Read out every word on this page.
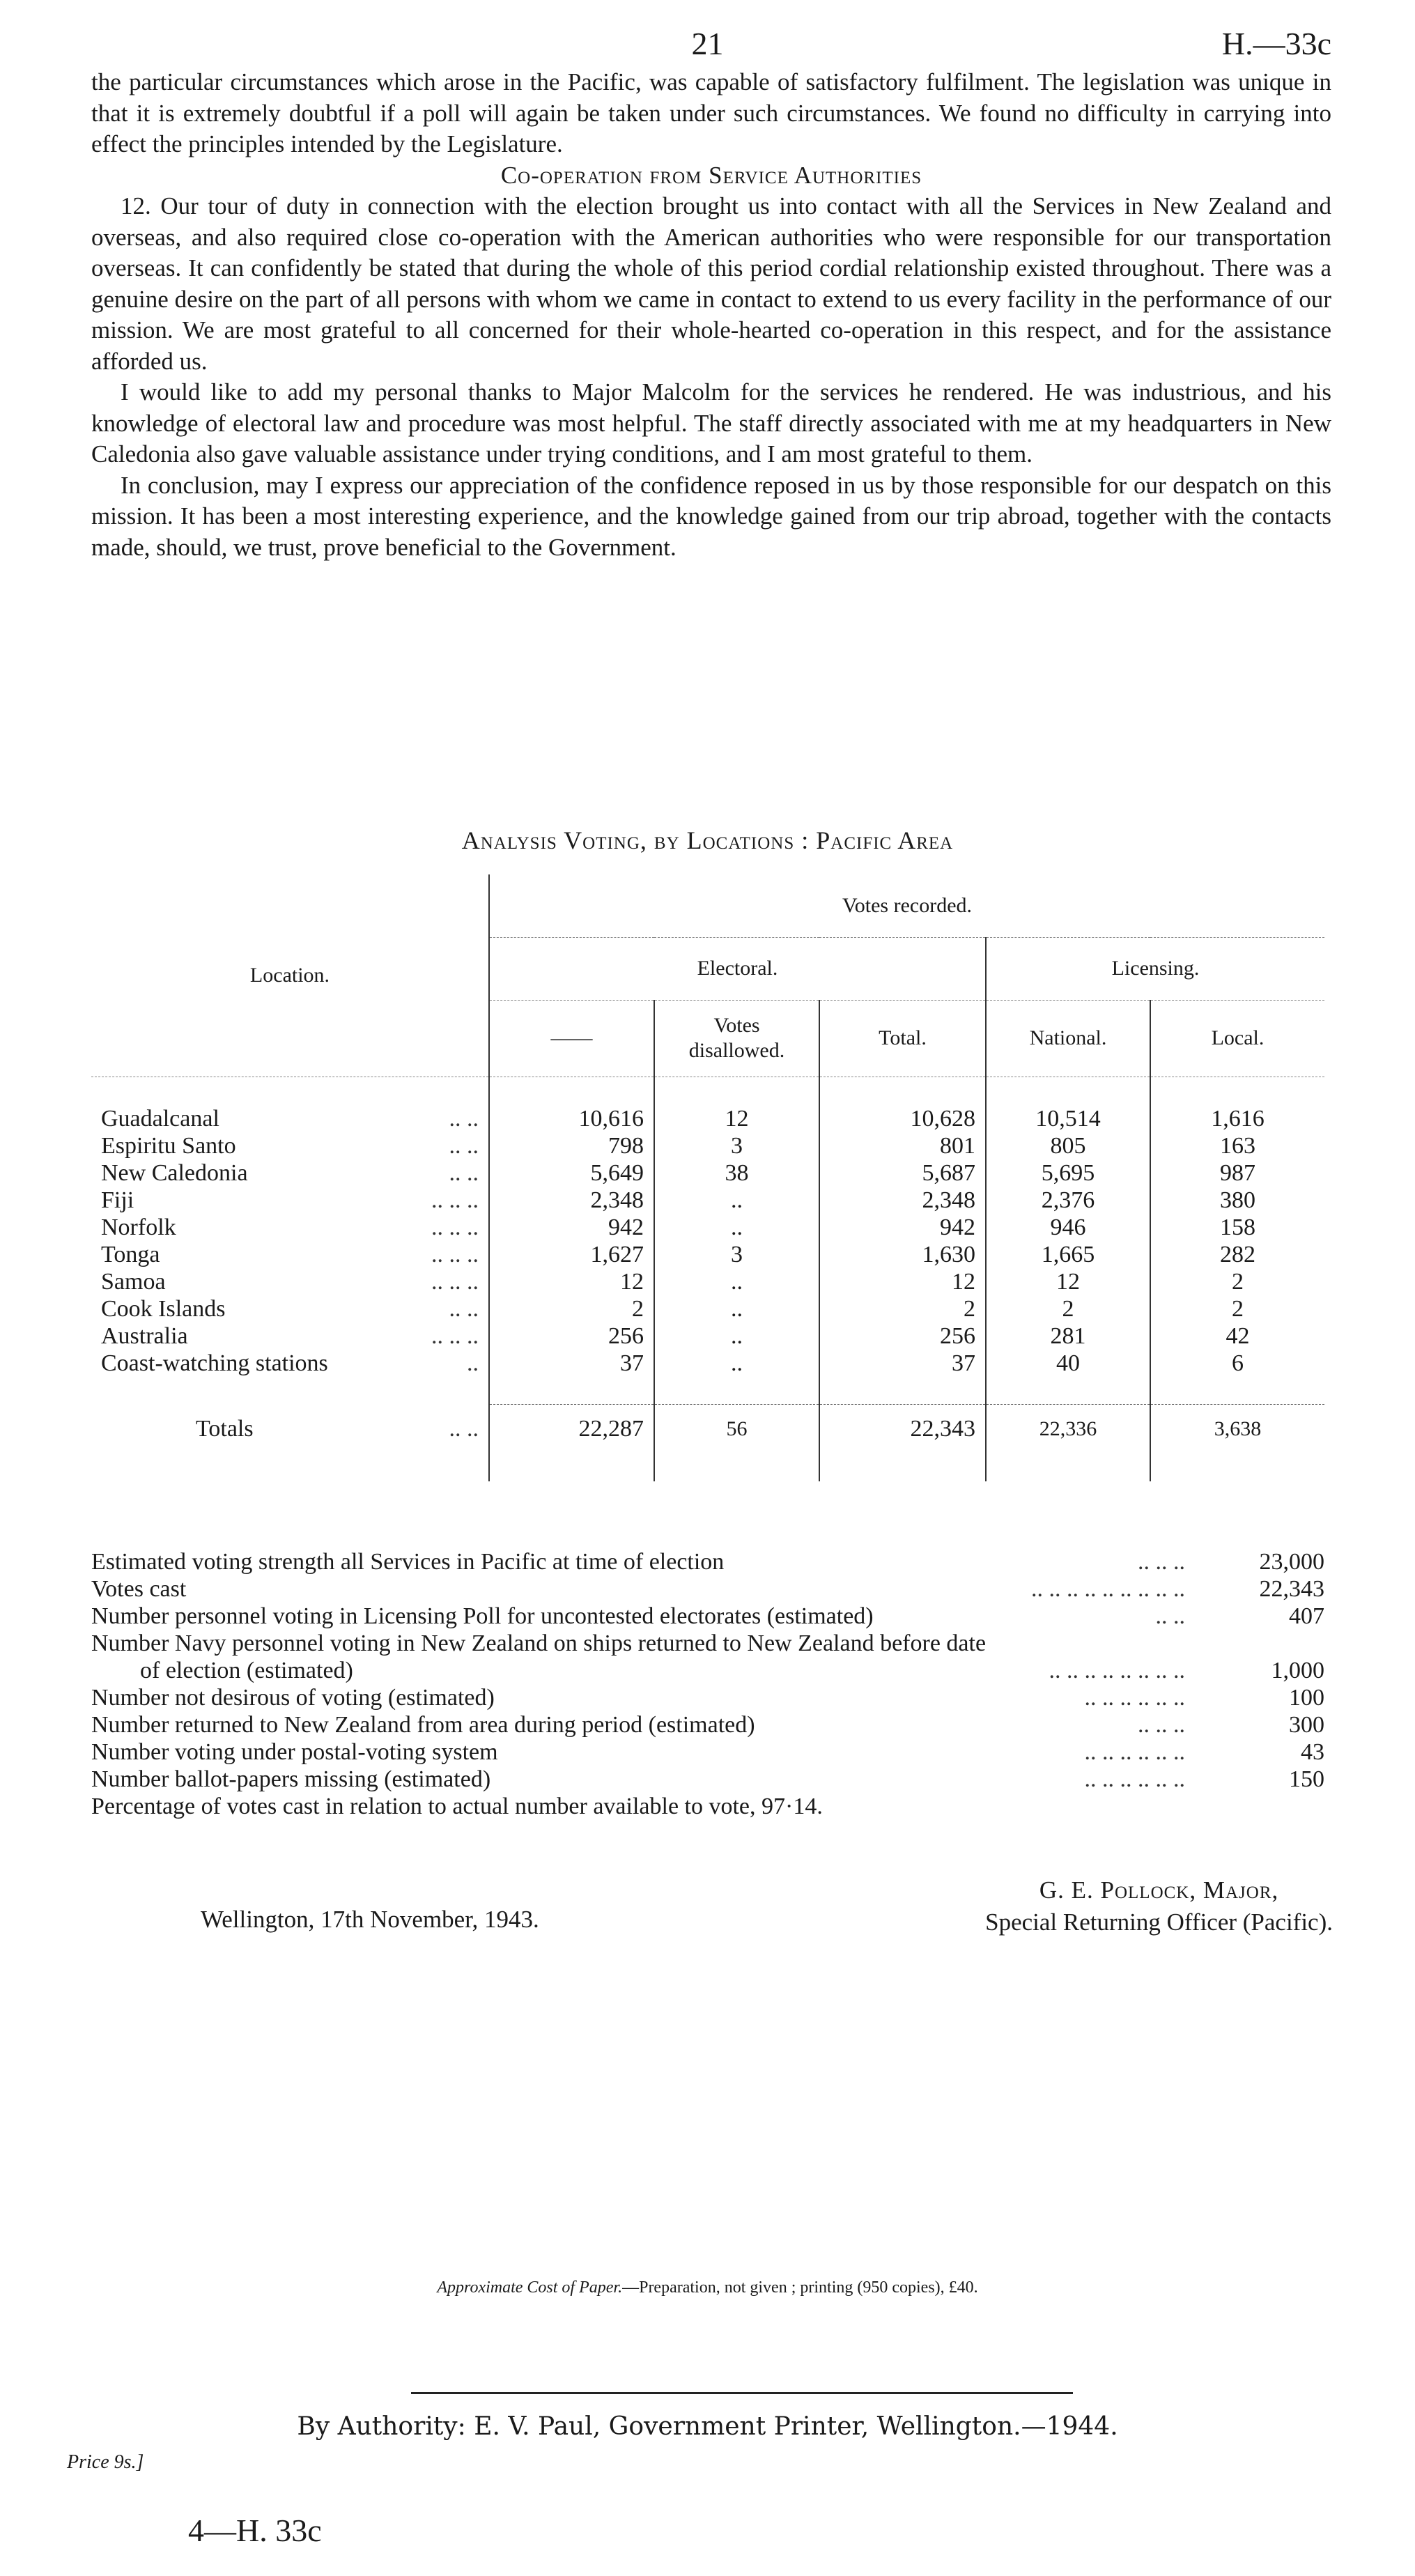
21	H.—33c

the particular circumstances which arose in the Pacific, was capable of satisfactory fulfilment. The legislation was unique in that it is extremely doubtful if a poll will again be taken under such circumstances. We found no difficulty in carrying into effect the principles intended by the Legislature.

Co-operation from Service Authorities

12. Our tour of duty in connection with the election brought us into contact with all the Services in New Zealand and overseas, and also required close co-operation with the American authorities who were responsible for our transportation overseas. It can confidently be stated that during the whole of this period cordial relationship existed throughout. There was a genuine desire on the part of all persons with whom we came in contact to extend to us every facility in the performance of our mission. We are most grateful to all concerned for their whole-hearted co-operation in this respect, and for the assistance afforded us.

I would like to add my personal thanks to Major Malcolm for the services he rendered. He was industrious, and his knowledge of electoral law and procedure was most helpful. The staff directly associated with me at my headquarters in New Caledonia also gave valuable assistance under trying conditions, and I am most grateful to them.

In conclusion, may I express our appreciation of the confidence reposed in us by those responsible for our despatch on this mission. It has been a most interesting experience, and the knowledge gained from our trip abroad, together with the contacts made, should, we trust, prove beneficial to the Government.

Analysis Voting, by Locations : Pacific Area
Location.	Votes recorded.				
	Electoral.			Licensing.	
	——	Votes disallowed.	Total.	National.	Local.

Guadalcanal .. ..	10,616	12	10,628	10,514	1,616

Espiritu Santo .. ..	798	3	801	805	163

New Caledonia .. ..	5,649	38	5,687	5,695	987

Fiji .. .. ..	2,348	..	2,348	2,376	380

Norfolk .. .. ..	942	..	942	946	158

Tonga .. .. ..	1,627	3	1,630	1,665	282

Samoa .. .. ..	12	..	12	12	2

Cook Islands .. ..	2	..	2	2	2

Australia .. .. ..	256	..	256	281	42

Coast-watching stations ..	37	..	37	40	6

Totals	.. ..	22,287	56	22,343	22,336	3,638

Estimated voting strength all Services in Pacific at time of election	.. .. ..	23,000
Votes cast	.. .. .. .. .. .. .. .. ..	22,343
Number personnel voting in Licensing Poll for uncontested electorates (estimated)	.. ..	407
Number Navy personnel voting in New Zealand on ships returned to New Zealand before date
of election (estimated)	.. .. .. .. .. .. .. ..	1,000
Number not desirous of voting (estimated)	.. .. .. .. .. ..	100
Number returned to New Zealand from area during period (estimated)	.. .. ..	300
Number voting under postal-voting system	.. .. .. .. .. ..	43
Number ballot-papers missing (estimated)	.. .. .. .. .. ..	150
Percentage of votes cast in relation to actual number available to vote, 97·14.
Wellington, 17th November, 1943.
G. E. Pollock, Major,
Special Returning Officer (Pacific).
Approximate Cost of Paper.—Preparation, not given ; printing (950 copies), £40.
By Authority: E. V. Paul, Government Printer, Wellington.—1944.
Price 9s.]
4—H. 33c
